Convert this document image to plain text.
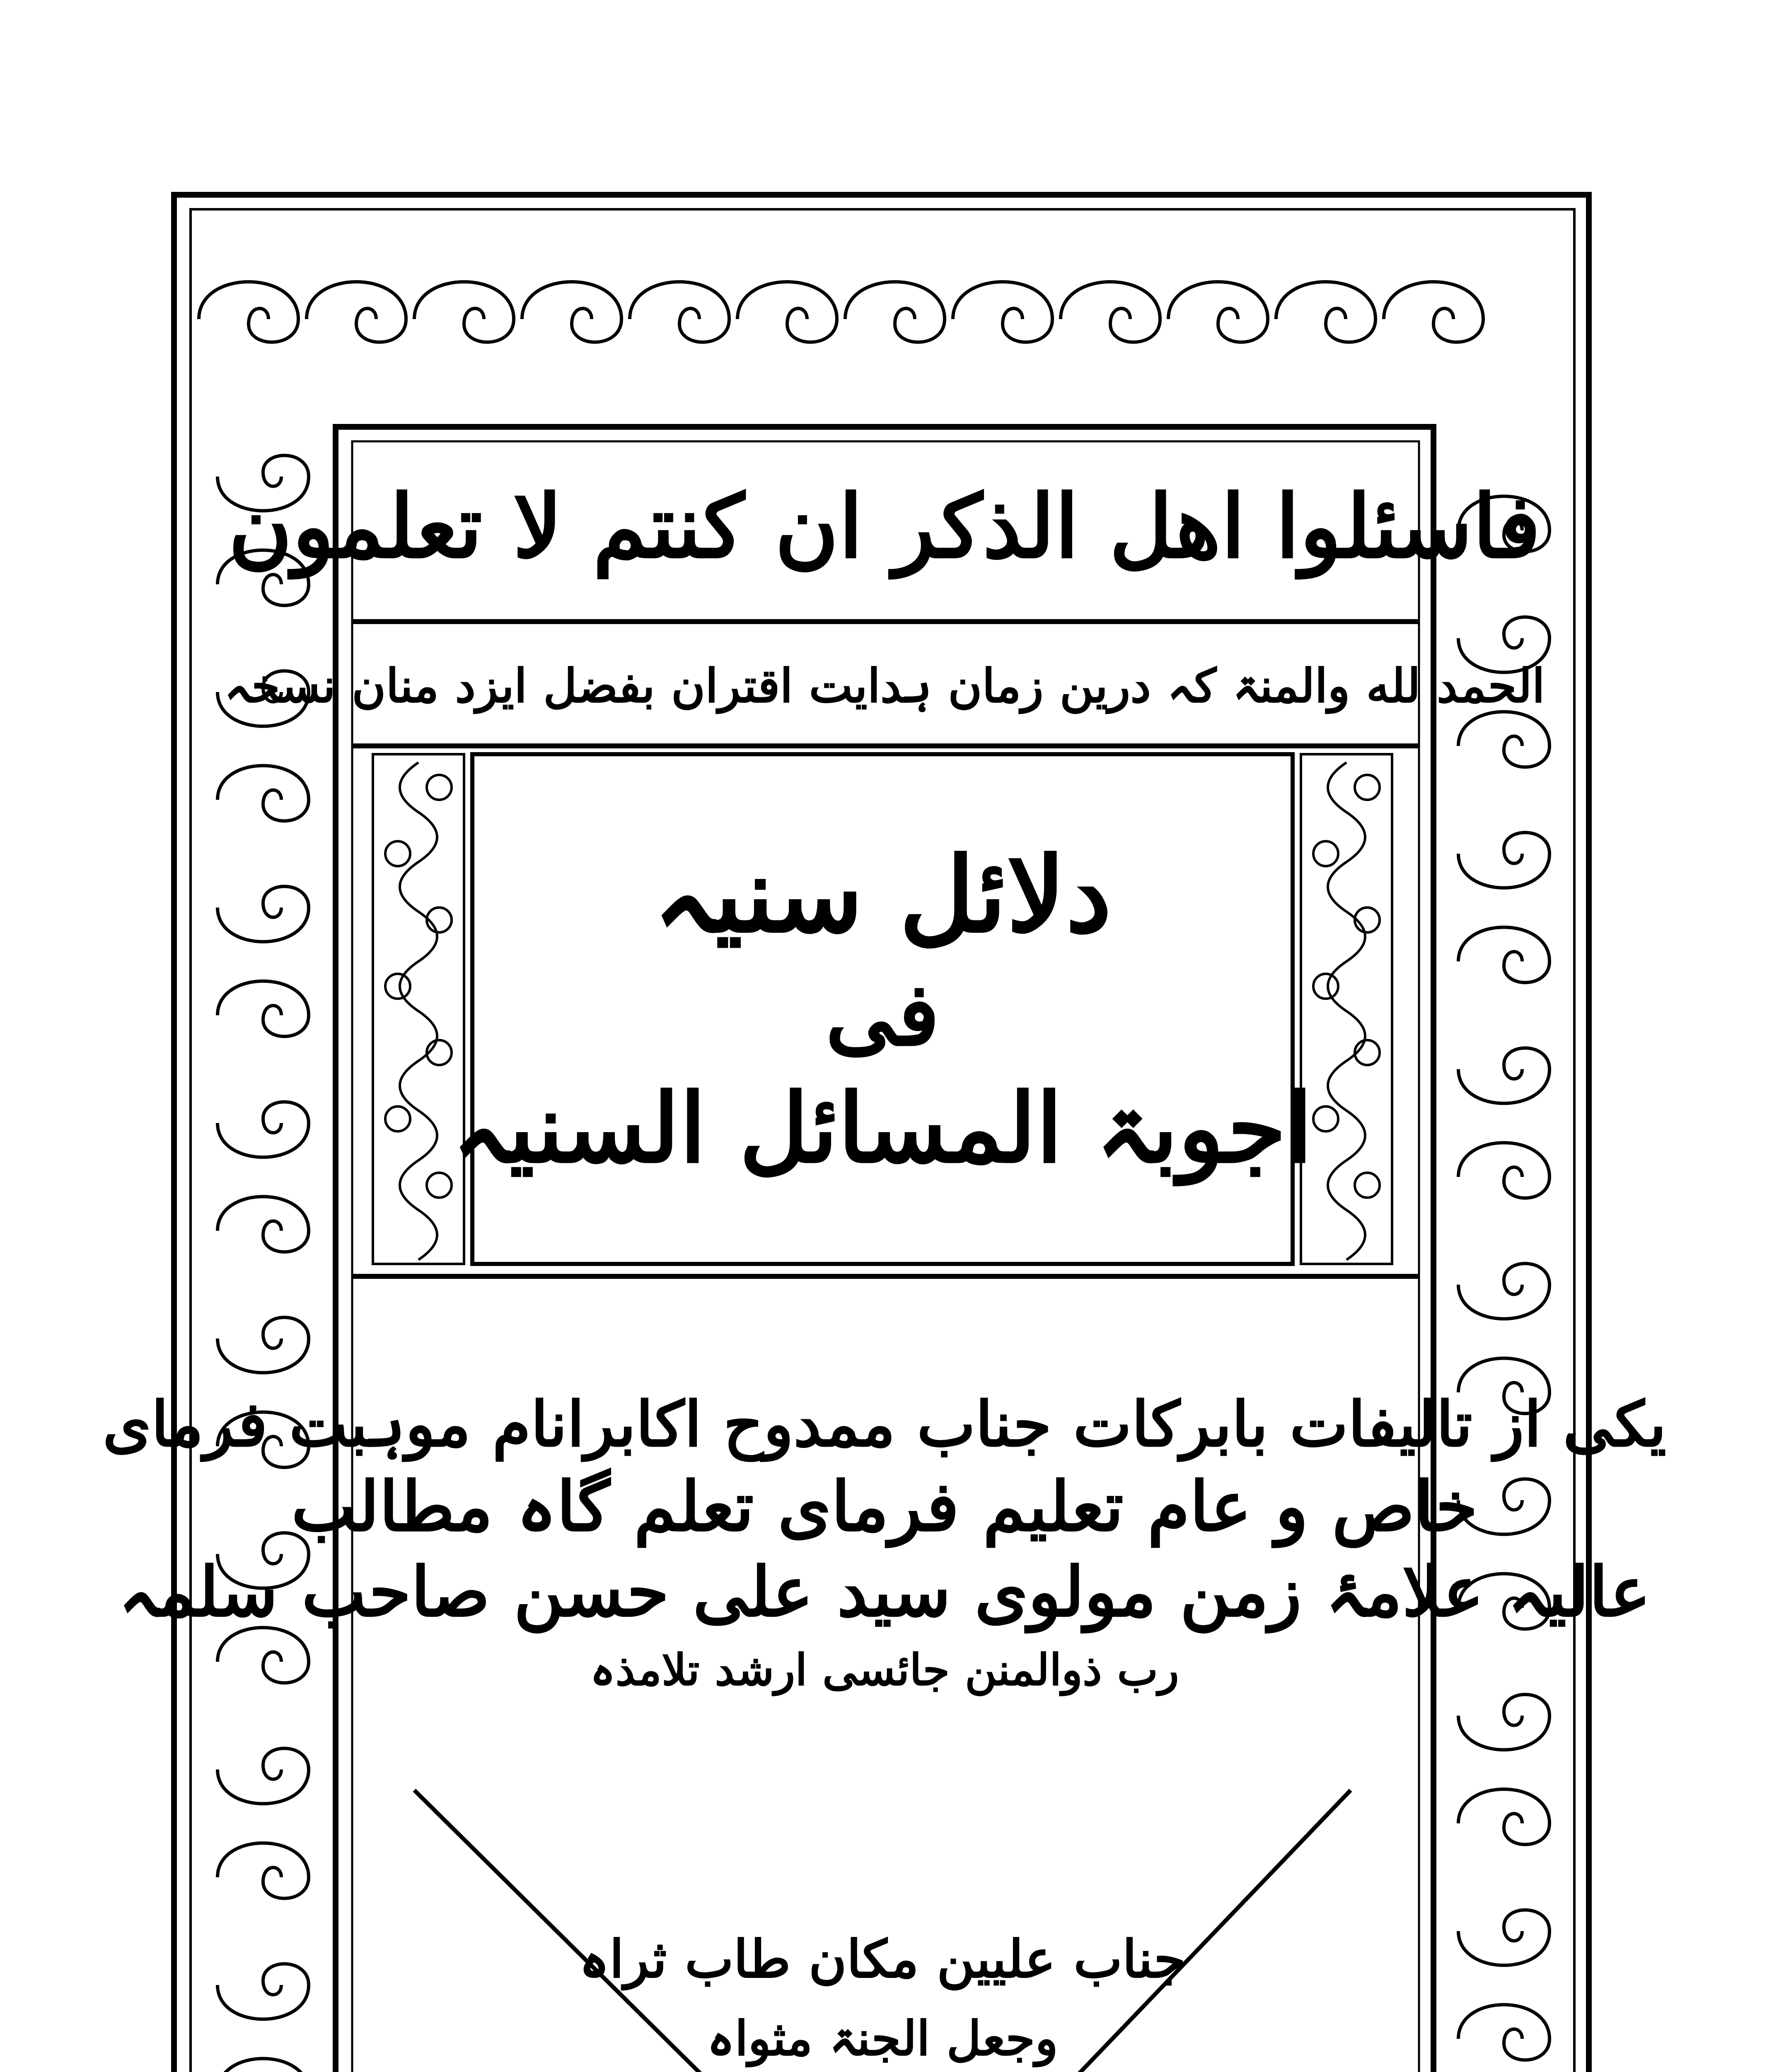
فاسئلوا اهل الذکر ان کنتم لا تعلمون
الحمد لله والمنۃ کہ درین زمان ہدایت اقتران بفضل ایزد منان نسخہ
دلائل سنیہ
فی
اجوبۃ المسائل السنیہ
یکی از تالیفات بابرکات جناب ممدوح اکابرانام موہبت فرمای
خاص و عام تعلیم فرمای تعلم گاہ مطالب
عالیہ علامۂ زمن مولوی سید علی حسن صاحب سلمہ
رب ذوالمنن جائسی ارشد تلامذہ
جناب علیین مکان طاب ثراہ
وجعل الجنۃ مثواہ
